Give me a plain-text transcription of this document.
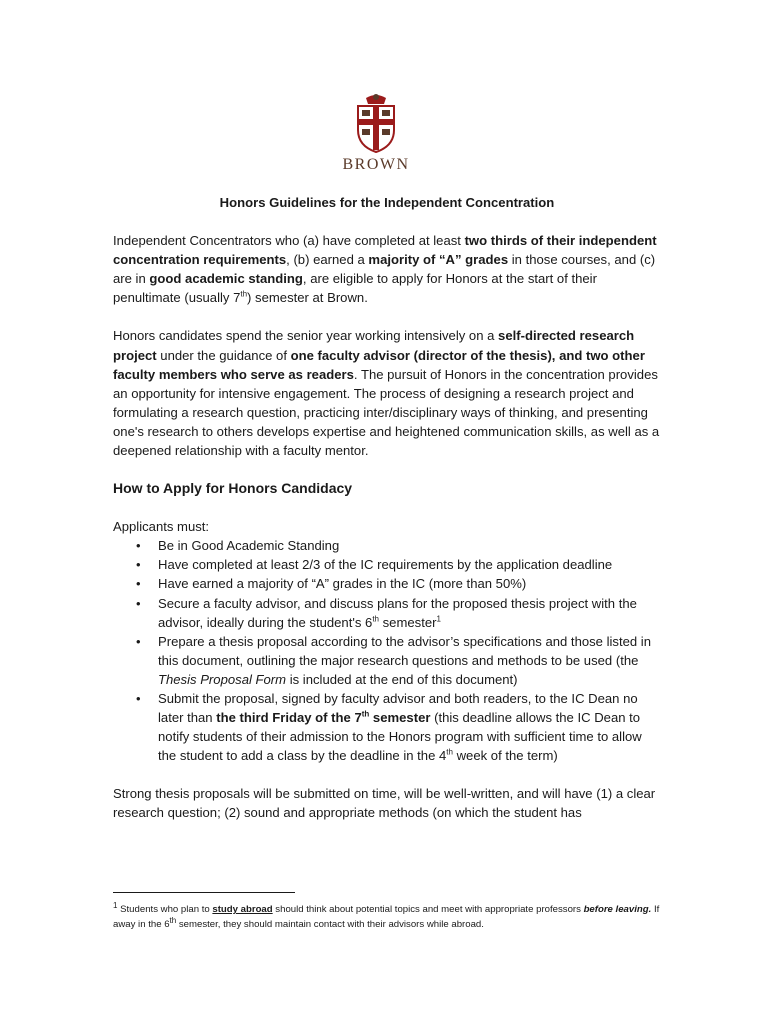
BROWN
Honors Guidelines for the Independent Concentration

Independent Concentrators who (a) have completed at least two thirds of their independent concentration requirements, (b) earned a majority of “A” grades in those courses, and (c) are in good academic standing, are eligible to apply for Honors at the start of their penultimate (usually 7th) semester at Brown.

Honors candidates spend the senior year working intensively on a self-directed research project under the guidance of one faculty advisor (director of the thesis), and two other faculty members who serve as readers. The pursuit of Honors in the concentration provides an opportunity for intensive engagement. The process of designing a research project and formulating a research question, practicing inter/disciplinary ways of thinking, and presenting one's research to others develops expertise and heightened communication skills, as well as a deepened relationship with a faculty mentor.

How to Apply for Honors Candidacy
Applicants must:
• Be in Good Academic Standing
• Have completed at least 2/3 of the IC requirements by the application deadline
• Have earned a majority of “A” grades in the IC (more than 50%)
• Secure a faculty advisor, and discuss plans for the proposed thesis project with the advisor, ideally during the student's 6th semester$^1$
• Prepare a thesis proposal according to the advisor’s specifications and those listed in this document, outlining the major research questions and methods to be used (the Thesis Proposal Form is included at the end of this document)
• Submit the proposal, signed by faculty advisor and both readers, to the IC Dean no later than the third Friday of the 7th semester (this deadline allows the IC Dean to notify students of their admission to the Honors program with sufficient time to allow the student to add a class by the deadline in the 4th week of the term)

Strong thesis proposals will be submitted on time, will be well-written, and will have (1) a clear research question; (2) sound and appropriate methods (on which the student has

$^1$ Students who plan to study abroad should think about potential topics and meet with appropriate professors before leaving. If away in the 6th semester, they should maintain contact with their advisors while abroad.
